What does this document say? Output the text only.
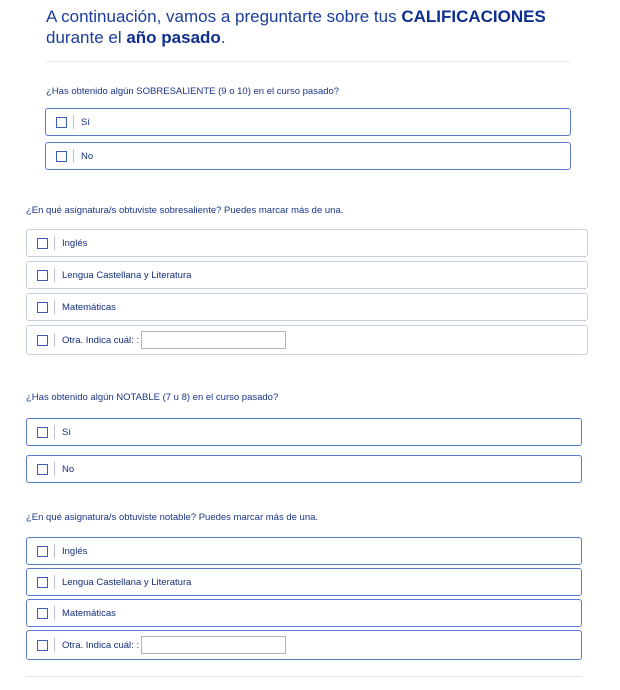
A continuación, vamos a preguntarte sobre tus CALIFICACIONES durante el año pasado.
¿Has obtenido algún SOBRESALIENTE (9 o 10) en el curso pasado?
Sí
No
¿En qué asignatura/s obtuviste sobresaliente? Puedes marcar más de una.
Inglés
Lengua Castellana y Literatura
Matemáticas
Otra. Indica cuál: :
¿Has obtenido algún NOTABLE (7 u 8) en el curso pasado?
Sí
No
¿En qué asignatura/s obtuviste notable? Puedes marcar más de una.
Inglés
Lengua Castellana y Literatura
Matemáticas
Otra. Indica cuál: :
